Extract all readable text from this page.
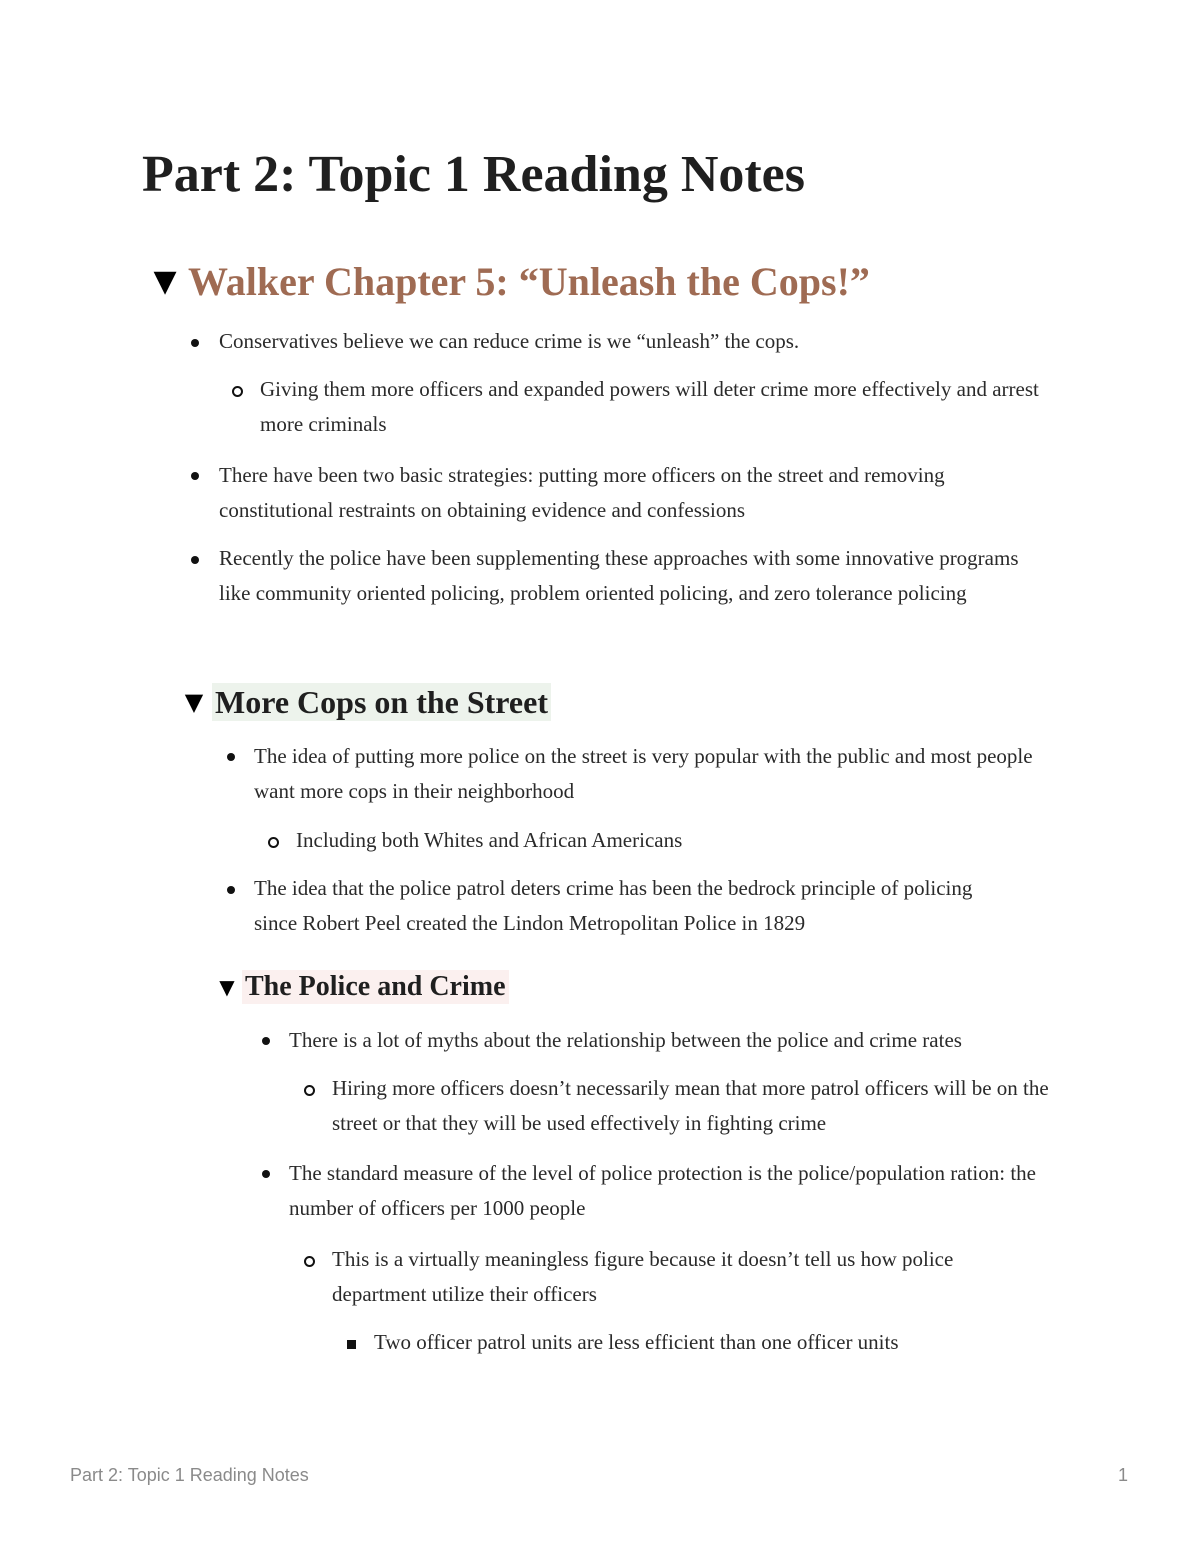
Part 2: Topic 1 Reading Notes
▼ Walker Chapter 5: “Unleash the Cops!”

Conservatives believe we can reduce crime is we “unleash” the cops.

Giving them more officers and expanded powers will deter crime more effectively and arrest more criminals

There have been two basic strategies: putting more officers on the street and removing constitutional restraints on obtaining evidence and confessions

Recently the police have been supplementing these approaches with some innovative programs like community oriented policing, problem oriented policing, and zero tolerance policing

▼ More Cops on the Street

The idea of putting more police on the street is very popular with the public and most people want more cops in their neighborhood

Including both Whites and African Americans

The idea that the police patrol deters crime has been the bedrock principle of policing since Robert Peel created the Lindon Metropolitan Police in 1829

▼ The Police and Crime

There is a lot of myths about the relationship between the police and crime rates

Hiring more officers doesn’t necessarily mean that more patrol officers will be on the street or that they will be used effectively in fighting crime

The standard measure of the level of police protection is the police/population ration: the number of officers per 1000 people

This is a virtually meaningless figure because it doesn’t tell us how police department utilize their officers

Two officer patrol units are less efficient than one officer units

Part 2: Topic 1 Reading Notes	1
